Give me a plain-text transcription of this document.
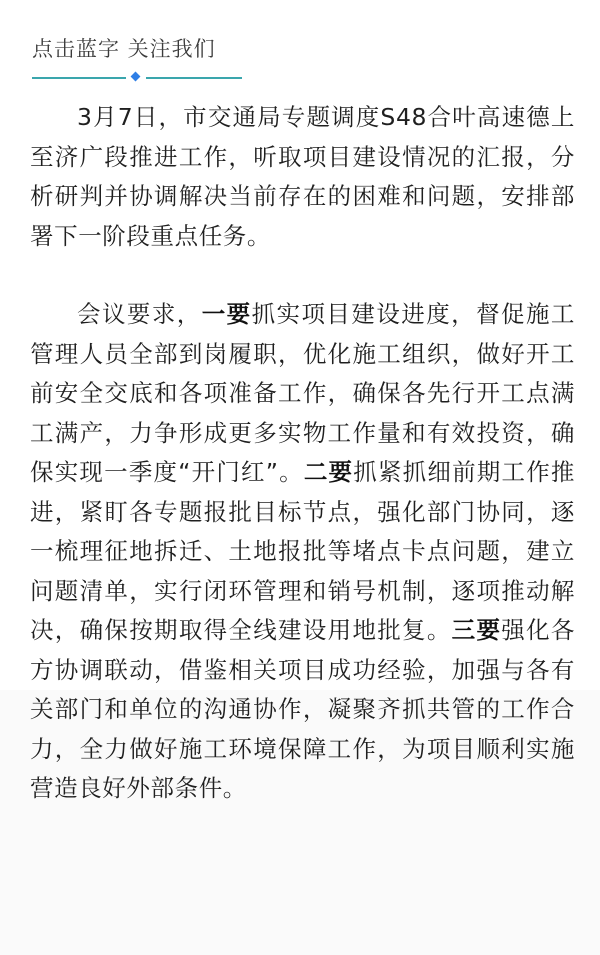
点击蓝字 关注我们

3月7日，市交通局专题调度S48合叶高速德上至济广段推进工作，听取项目建设情况的汇报，分析研判并协调解决当前存在的困难和问题，安排部署下一阶段重点任务。

会议要求，一要抓实项目建设进度，督促施工管理人员全部到岗履职，优化施工组织，做好开工前安全交底和各项准备工作，确保各先行开工点满工满产，力争形成更多实物工作量和有效投资，确保实现一季度“开门红”。二要抓紧抓细前期工作推进，紧盯各专题报批目标节点，强化部门协同，逐一梳理征地拆迁、土地报批等堵点卡点问题，建立问题清单，实行闭环管理和销号机制，逐项推动解决，确保按期取得全线建设用地批复。三要强化各方协调联动，借鉴相关项目成功经验，加强与各有关部门和单位的沟通协作，凝聚齐抓共管的工作合力，全力做好施工环境保障工作，为项目顺利实施营造良好外部条件。
